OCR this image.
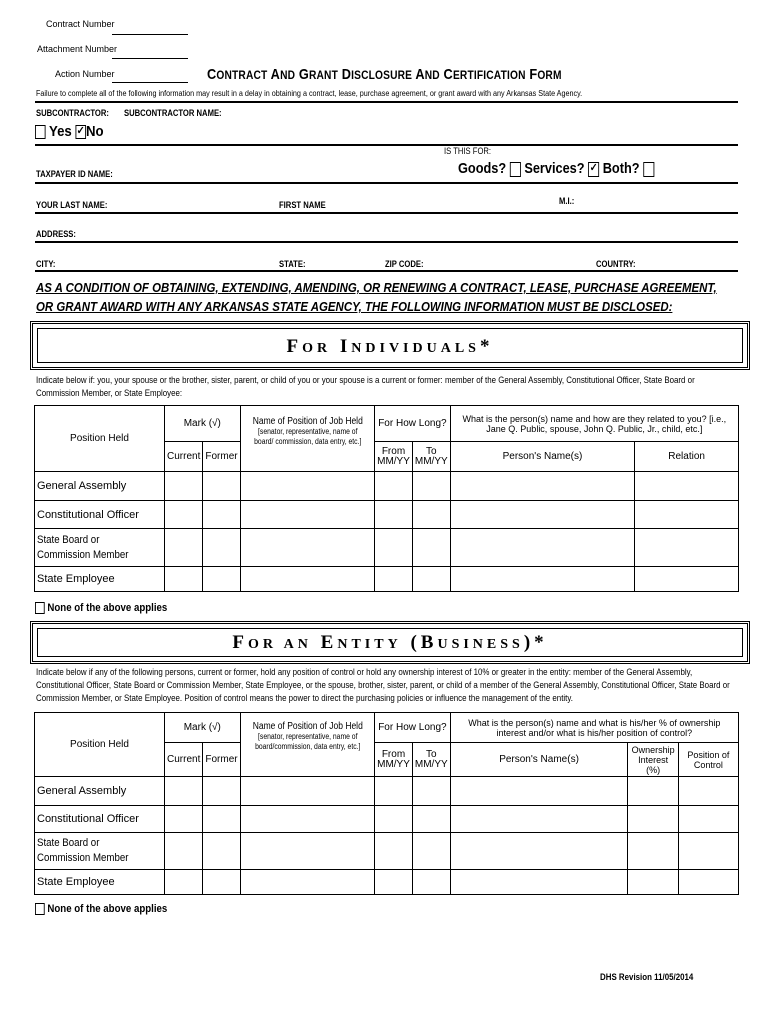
Contract Number
Attachment Number
Action Number	CONTRACT AND GRANT DISCLOSURE AND CERTIFICATION FORM
Failure to complete all of the following information may result in a delay in obtaining a contract, lease, purchase agreement, or grant award with any Arkansas State Agency.
SUBCONTRACTOR: SUBCONTRACTOR NAME:
Yes ✓No
IS THIS FOR:
TAXPAYER ID NAME:	Goods? Services? ✓ Both?
YOUR LAST NAME:	FIRST NAME	M.I.:
ADDRESS:
CITY:	STATE:	ZIP CODE:	COUNTRY:
AS A CONDITION OF OBTAINING, EXTENDING, AMENDING, OR RENEWING A CONTRACT, LEASE, PURCHASE AGREEMENT,
OR GRANT AWARD WITH ANY ARKANSAS STATE AGENCY, THE FOLLOWING INFORMATION MUST BE DISCLOSED:
FOR INDIVIDUALS*
Indicate below if: you, your spouse or the brother, sister, parent, or child of you or your spouse is a current or former: member of the General Assembly, Constitutional Officer, State Board or Commission Member, or State Employee:
Position Held	Mark (√)		Name of Position of Job Held
[senator, representative, name of board/ commission, data entry, etc.]	For How Long?		What is the person(s) name and how are they related to you? [i.e., Jane Q. Public, spouse, John Q. Public, Jr., child, etc.]	
	Current	Former		From MM/YY	To MM/YY	Person's Name(s)	Relation
General Assembly							
Constitutional Officer							

State Board or Commission Member							

State Employee							
None of the above applies
FOR AN ENTITY (BUSINESS)*
Indicate below if any of the following persons, current or former, hold any position of control or hold any ownership interest of 10% or greater in the entity: member of the General Assembly, Constitutional Officer, State Board or Commission Member, State Employee, or the spouse, brother, sister, parent, or child of a member of the General Assembly, Constitutional Officer, State Board or Commission Member, or State Employee. Position of control means the power to direct the purchasing policies or influence the management of the entity.
Position Held	Mark (√)		Name of Position of Job Held
[senator, representative, name of board/commission, data entry, etc.]	For How Long?		What is the person(s) name and what is his/her % of ownership interest and/or what is his/her position of control?		
	Current	Former		From MM/YY	To MM/YY	Person's Name(s)	Ownership Interest (%)	Position of Control
General Assembly								
Constitutional Officer								

State Board or Commission Member								

State Employee								
None of the above applies
DHS Revision 11/05/2014
